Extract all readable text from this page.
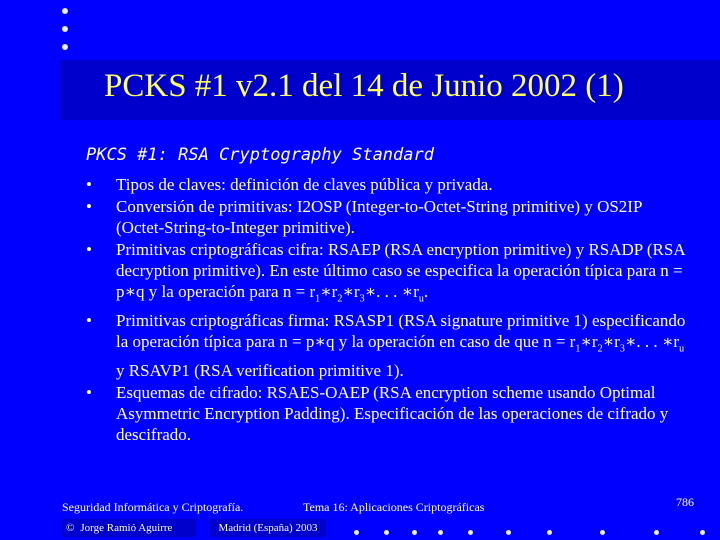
PCKS #1 v2.1 del 14 de Junio 2002 (1)
PKCS #1: RSA Cryptography Standard
• Tipos de claves: definición de claves pública y privada.
• Conversión de primitivas: I2OSP (Integer-to-Octet-String primitive) y OS2IP (Octet-String-to-Integer primitive).
• Primitivas criptográficas cifra: RSAEP (RSA encryption primitive) y RSADP (RSA decryption primitive). En este último caso se especifica la operación típica para n = p∗q y la operación para $n = r_1∗r_2∗r_3∗$. . . $∗r_u$.
• Primitivas criptográficas firma: RSASP1 (RSA signature primitive 1) especificando la operación típica para n = p∗q y la operación en caso de que $n = r_1∗r_2∗r_3∗$. . . $∗r_u$ y RSAVP1 (RSA verification primitive 1).
• Esquemas de cifrado: RSAES-OAEP (RSA encryption scheme usando Optimal Asymmetric Encryption Padding). Especificación de las operaciones de cifrado y descifrado.
Seguridad Informática y Criptografía.	Tema 16: Aplicaciones Criptográficas	786
© Jorge Ramió Aguirre	Madrid (España) 2003
